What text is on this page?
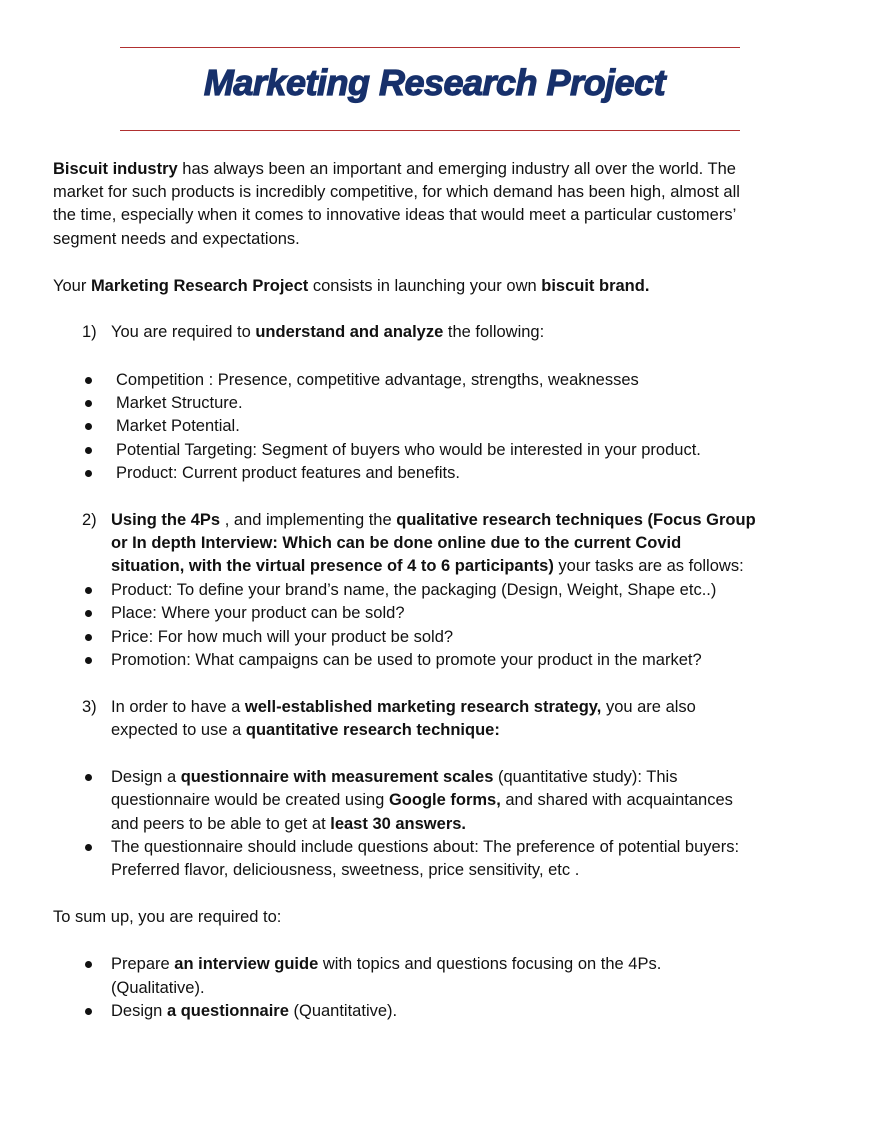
Marketing Research Project
Biscuit industry has always been an important and emerging industry all over the world. The
market for such products is incredibly competitive, for which demand has been high, almost all
the time, especially when it comes to innovative ideas that would meet a particular customers’
segment needs and expectations.
Your Marketing Research Project consists in launching your own biscuit brand.
1) You are required to understand and analyze the following:
Competition : Presence, competitive advantage, strengths, weaknesses
Market Structure.
Market Potential.
Potential Targeting: Segment of buyers who would be interested in your product.
Product: Current product features and benefits.
2) Using the 4Ps , and implementing the qualitative research techniques (Focus Group
or In depth Interview: Which can be done online due to the current Covid
situation, with the virtual presence of 4 to 6 participants) your tasks are as follows:
Product: To define your brand’s name, the packaging (Design, Weight, Shape etc..)
Place: Where your product can be sold?
Price: For how much will your product be sold?
Promotion: What campaigns can be used to promote your product in the market?
3) In order to have a well-established marketing research strategy, you are also
expected to use a quantitative research technique:
Design a questionnaire with measurement scales (quantitative study): This
questionnaire would be created using Google forms, and shared with acquaintances
and peers to be able to get at least 30 answers.
The questionnaire should include questions about: The preference of potential buyers:
Preferred flavor, deliciousness, sweetness, price sensitivity, etc .
To sum up, you are required to:
Prepare an interview guide with topics and questions focusing on the 4Ps.
(Qualitative).
Design a questionnaire (Quantitative).
